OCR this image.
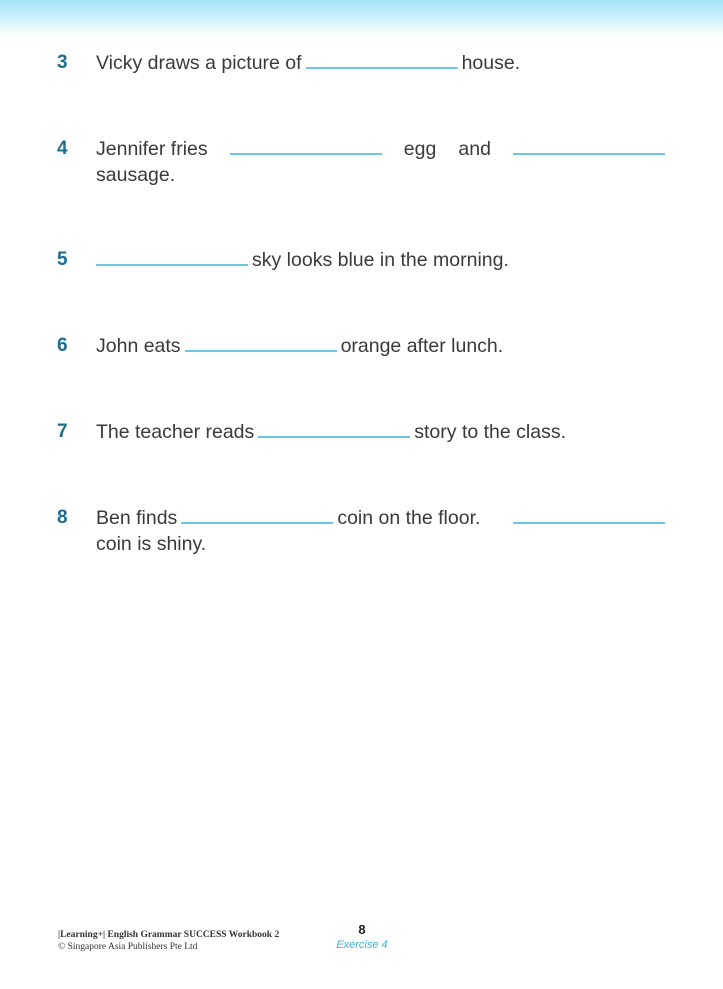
3 Vicky draws a picture of	house.
4 Jennifer fries	egg and
sausage.
5	sky looks blue in the morning.
6 John eats	orange after lunch.
7 The teacher reads	story to the class.
8 Ben finds	coin on the floor.
coin is shiny.
|Learning+| English Grammar SUCCESS Workbook 2
© Singapore Asia Publishers Pte Ltd
8
Exercise 4
